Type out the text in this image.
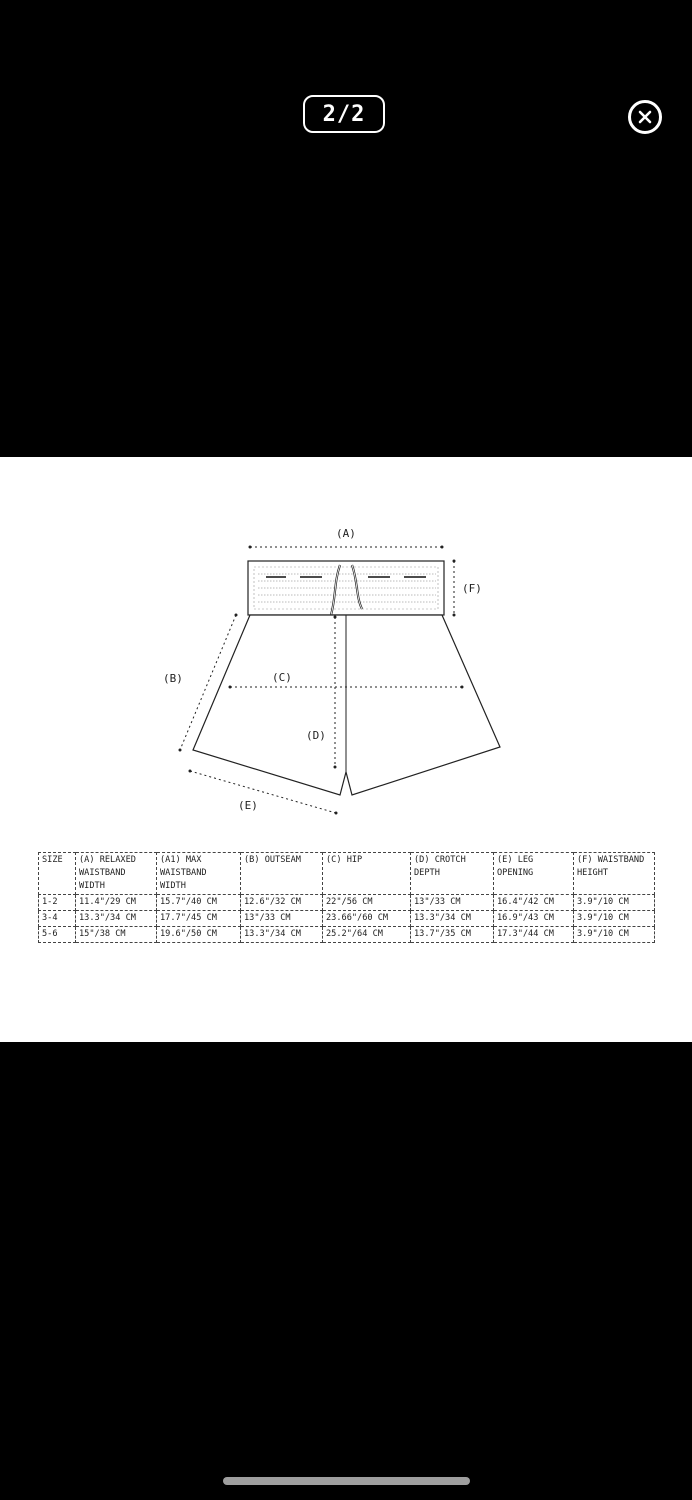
2/2
(A)
(F)
(B)	(C)
(D)
(E)
SIZE	(A) RELAXED WAISTBAND WIDTH	(A1) MAX WAISTBAND WIDTH	(B) OUTSEAM	(C) HIP	(D) CROTCH DEPTH	(E) LEG OPENING	(F) WAISTBAND HEIGHT
1-2	11.4"/29 CM	15.7"/40 CM	12.6"/32 CM	22"/56 CM	13"/33 CM	16.4"/42 CM	3.9"/10 CM
3-4	13.3"/34 CM	17.7"/45 CM	13"/33 CM	23.66"/60 CM	13.3"/34 CM	16.9"/43 CM	3.9"/10 CM
5-6	15"/38 CM	19.6"/50 CM	13.3"/34 CM	25.2"/64 CM	13.7"/35 CM	17.3"/44 CM	3.9"/10 CM
